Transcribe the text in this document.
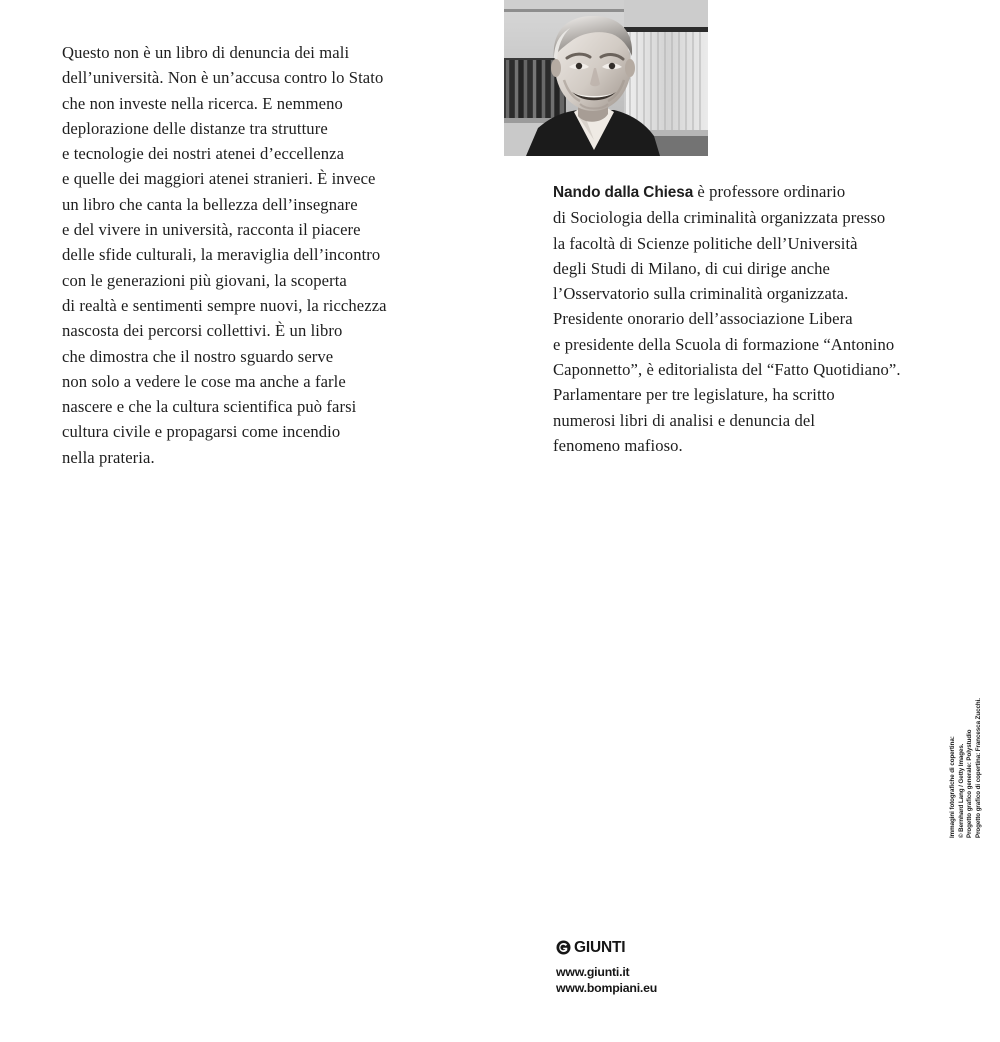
Questo non è un libro di denuncia dei mali
dell’università. Non è un’accusa contro lo Stato
che non investe nella ricerca. E nemmeno
deplorazione delle distanze tra strutture
e tecnologie dei nostri atenei d’eccellenza
e quelle dei maggiori atenei stranieri. È invece
un libro che canta la bellezza dell’insegnare
e del vivere in università, racconta il piacere
delle sfide culturali, la meraviglia dell’incontro
con le generazioni più giovani, la scoperta
di realtà e sentimenti sempre nuovi, la ricchezza
nascosta dei percorsi collettivi. È un libro
che dimostra che il nostro sguardo serve
non solo a vedere le cose ma anche a farle
nascere e che la cultura scientifica può farsi
cultura civile e propagarsi come incendio
nella prateria.
Nando dalla Chiesa è professore ordinario
di Sociologia della criminalità organizzata presso
la facoltà di Scienze politiche dell’Università
degli Studi di Milano, di cui dirige anche
l’Osservatorio sulla criminalità organizzata.
Presidente onorario dell’associazione Libera
e presidente della Scuola di formazione “Antonino
Caponnetto”, è editorialista del “Fatto Quotidiano”.
Parlamentare per tre legislature, ha scritto
numerosi libri di analisi e denuncia del
fenomeno mafioso.
GIUNTI
www.giunti.it
www.bompiani.eu
Immagini fotografiche di copertina: © Bernhard Lang / Getty Images. Progetto grafico generale: Polystudio Progetto grafico di copertina: Francesca Zucchi.
